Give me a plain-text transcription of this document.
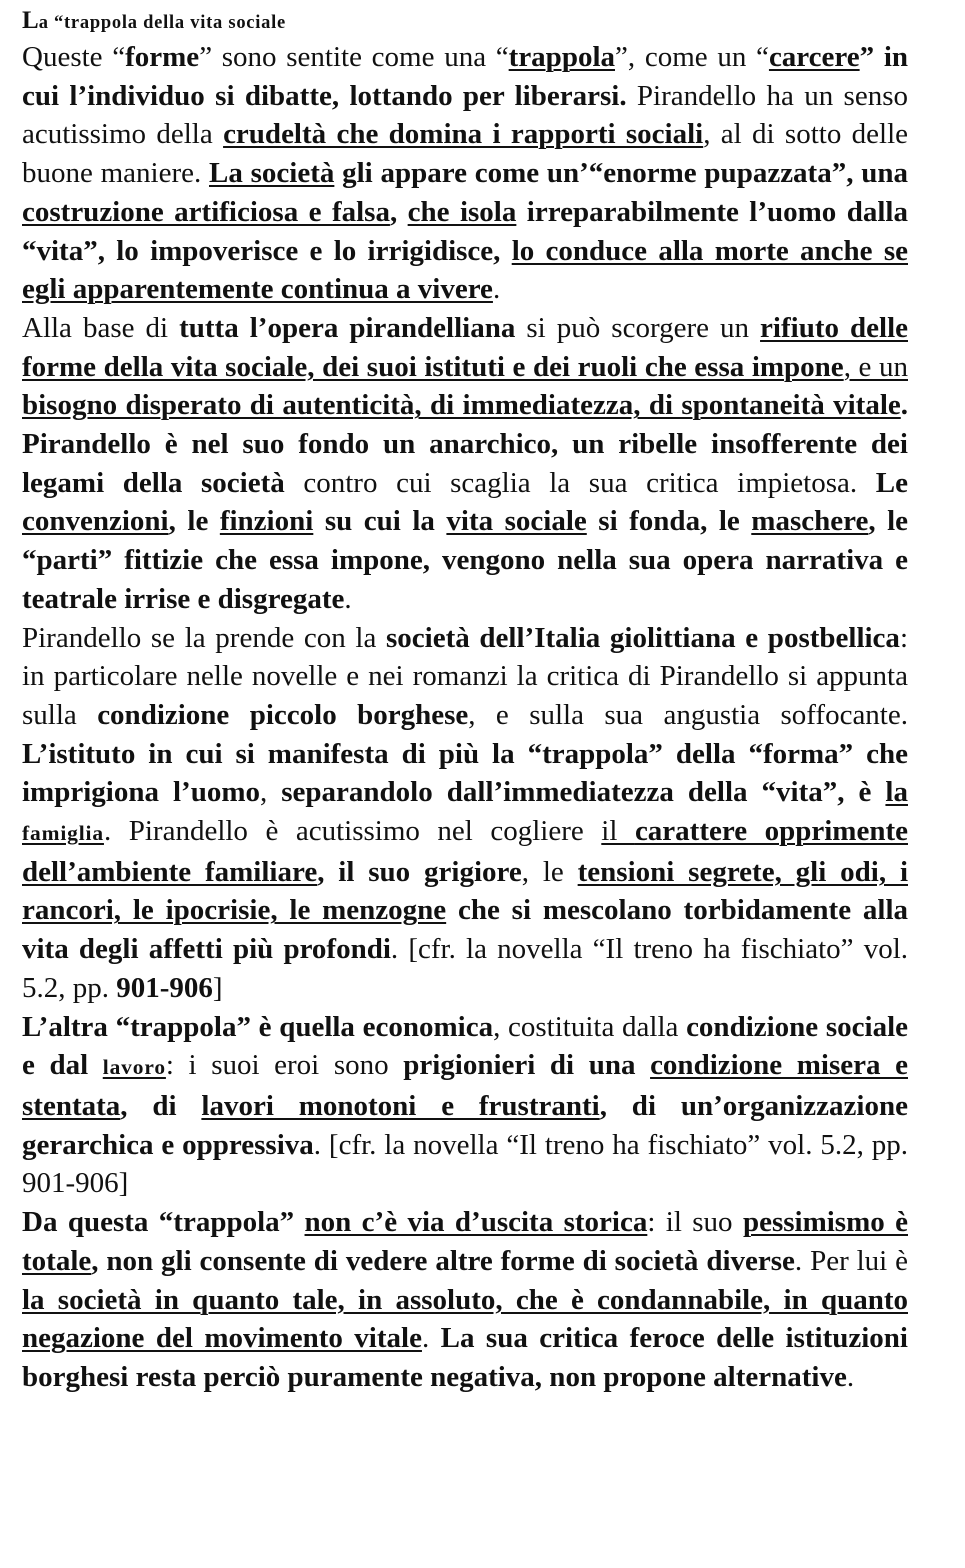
La “trappola della vita sociale

Queste “forme” sono sentite come una “trappola”, come un “carcere” in cui l’individuo si dibatte, lottando per liberarsi. Pirandello ha un senso acutissimo della crudeltà che domina i rapporti sociali, al di sotto delle buone maniere. La società gli appare come un’“enorme pupazzata”, una costruzione artificiosa e falsa, che isola irreparabilmente l’uomo dalla “vita”, lo impoverisce e lo irrigidisce, lo conduce alla morte anche se egli apparentemente continua a vivere.

Alla base di tutta l’opera pirandelliana si può scorgere un rifiuto delle forme della vita sociale, dei suoi istituti e dei ruoli che essa impone, e un bisogno disperato di autenticità, di immediatezza, di spontaneità vitale. Pirandello è nel suo fondo un anarchico, un ribelle insofferente dei legami della società contro cui scaglia la sua critica impietosa. Le convenzioni, le finzioni su cui la vita sociale si fonda, le maschere, le “parti” fittizie che essa impone, vengono nella sua opera narrativa e teatrale irrise e disgregate.

Pirandello se la prende con la società dell’Italia giolittiana e postbellica: in particolare nelle novelle e nei romanzi la critica di Pirandello si appunta sulla condizione piccolo borghese, e sulla sua angustia soffocante. L’istituto in cui si manifesta di più la “trappola” della “forma” che imprigiona l’uomo, separandolo dall’immediatezza della “vita”, è la famiglia. Pirandello è acutissimo nel cogliere il carattere opprimente dell’ambiente familiare, il suo grigiore, le tensioni segrete, gli odi, i rancori, le ipocrisie, le menzogne che si mescolano torbidamente alla vita degli affetti più profondi. [cfr. la novella “Il treno ha fischiato” vol. 5.2, pp. 901-906]

L’altra “trappola” è quella economica, costituita dalla condizione sociale e dal lavoro: i suoi eroi sono prigionieri di una condizione misera e stentata, di lavori monotoni e frustranti, di un’organizzazione gerarchica e oppressiva. [cfr. la novella “Il treno ha fischiato” vol. 5.2, pp. 901-906]

Da questa “trappola” non c’è via d’uscita storica: il suo pessimismo è totale, non gli consente di vedere altre forme di società diverse. Per lui è la società in quanto tale, in assoluto, che è condannabile, in quanto negazione del movimento vitale. La sua critica feroce delle istituzioni borghesi resta perciò puramente negativa, non propone alternative.
